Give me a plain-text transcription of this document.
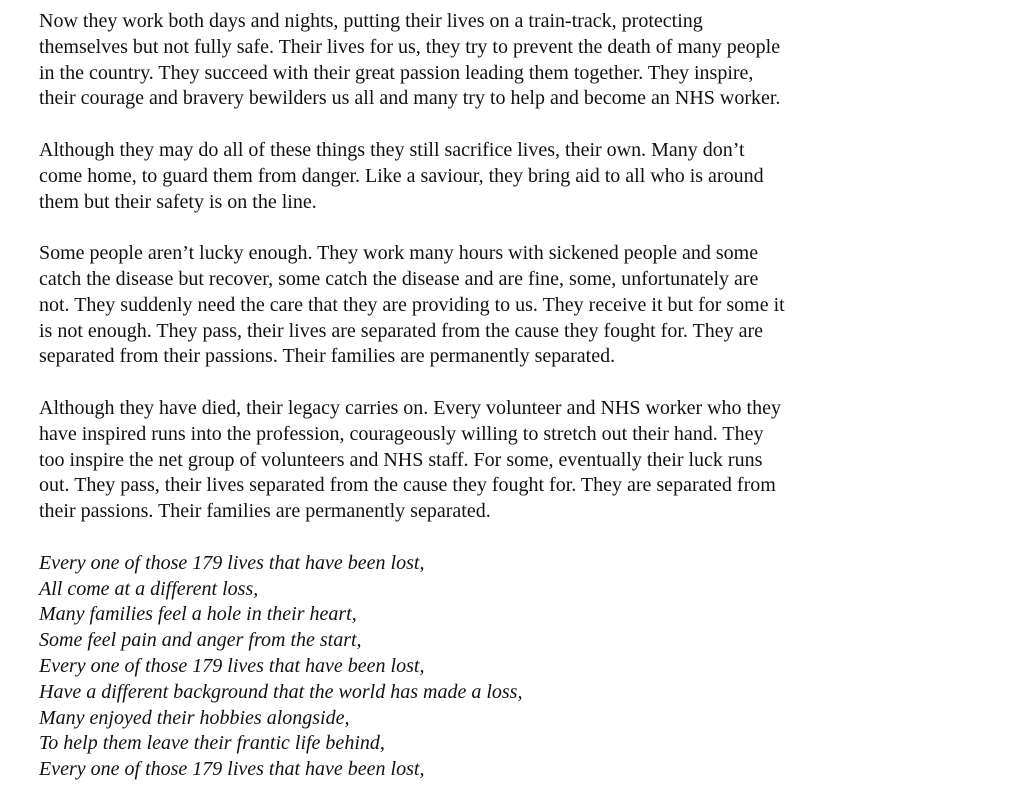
Now they work both days and nights, putting their lives on a train-track, protecting
themselves but not fully safe. Their lives for us, they try to prevent the death of many people
in the country. They succeed with their great passion leading them together. They inspire,
their courage and bravery bewilders us all and many try to help and become an NHS worker.

Although they may do all of these things they still sacrifice lives, their own. Many don’t
come home, to guard them from danger. Like a saviour, they bring aid to all who is around
them but their safety is on the line.

Some people aren’t lucky enough. They work many hours with sickened people and some
catch the disease but recover, some catch the disease and are fine, some, unfortunately are
not. They suddenly need the care that they are providing to us. They receive it but for some it
is not enough. They pass, their lives are separated from the cause they fought for. They are
separated from their passions. Their families are permanently separated.

Although they have died, their legacy carries on. Every volunteer and NHS worker who they
have inspired runs into the profession, courageously willing to stretch out their hand. They
too inspire the net group of volunteers and NHS staff. For some, eventually their luck runs
out. They pass, their lives separated from the cause they fought for. They are separated from
their passions. Their families are permanently separated.

Every one of those 179 lives that have been lost,
All come at a different loss,
Many families feel a hole in their heart,
Some feel pain and anger from the start,
Every one of those 179 lives that have been lost,
Have a different background that the world has made a loss,
Many enjoyed their hobbies alongside,
To help them leave their frantic life behind,
Every one of those 179 lives that have been lost,
